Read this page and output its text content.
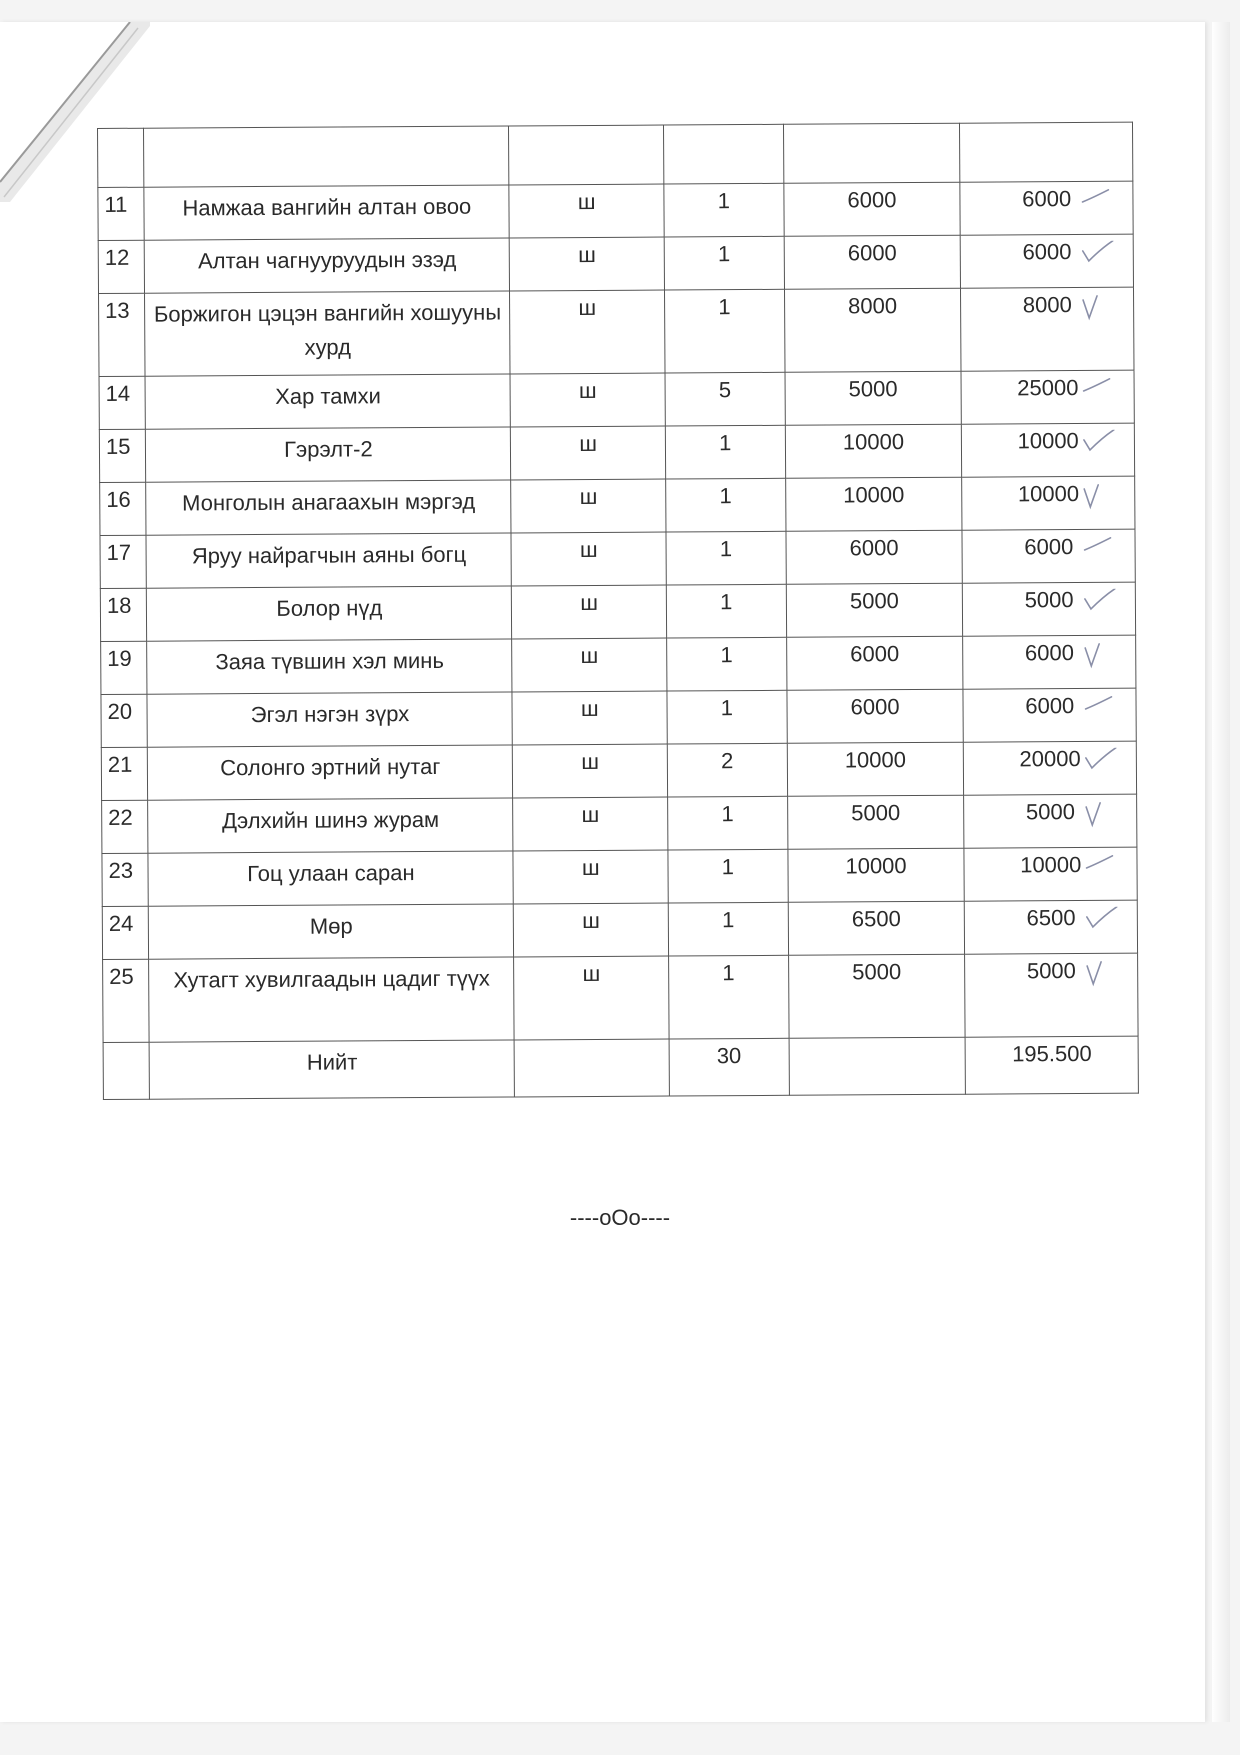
11	Намжаа вангийн алтан овоо	ш	1	6000	6000

12	Алтан чагнууруудын эзэд	ш	1	6000	6000

13	Боржигон цэцэн вангийн хошууны хурд	ш	1	8000	8000

14	Хар тамхи	ш	5	5000	25000

15	Гэрэлт-2	ш	1	10000	10000

16	Монголын анагаахын мэргэд	ш	1	10000	10000

17	Яруу найрагчын аяны богц	ш	1	6000	6000

18	Болор нүд	ш	1	5000	5000

19	Заяа түвшин хэл минь	ш	1	6000	6000

20	Эгэл нэгэн зүрх	ш	1	6000	6000

21	Солонго эртний нутаг	ш	2	10000	20000

22	Дэлхийн шинэ журам	ш	1	5000	5000

23	Гоц улаан саран	ш	1	10000	10000

24	Мөр	ш	1	6500	6500

25	Хутагт хувилгаадын цадиг түүх	ш	1	5000	5000

	Нийт		30		195.500
----oOo----
